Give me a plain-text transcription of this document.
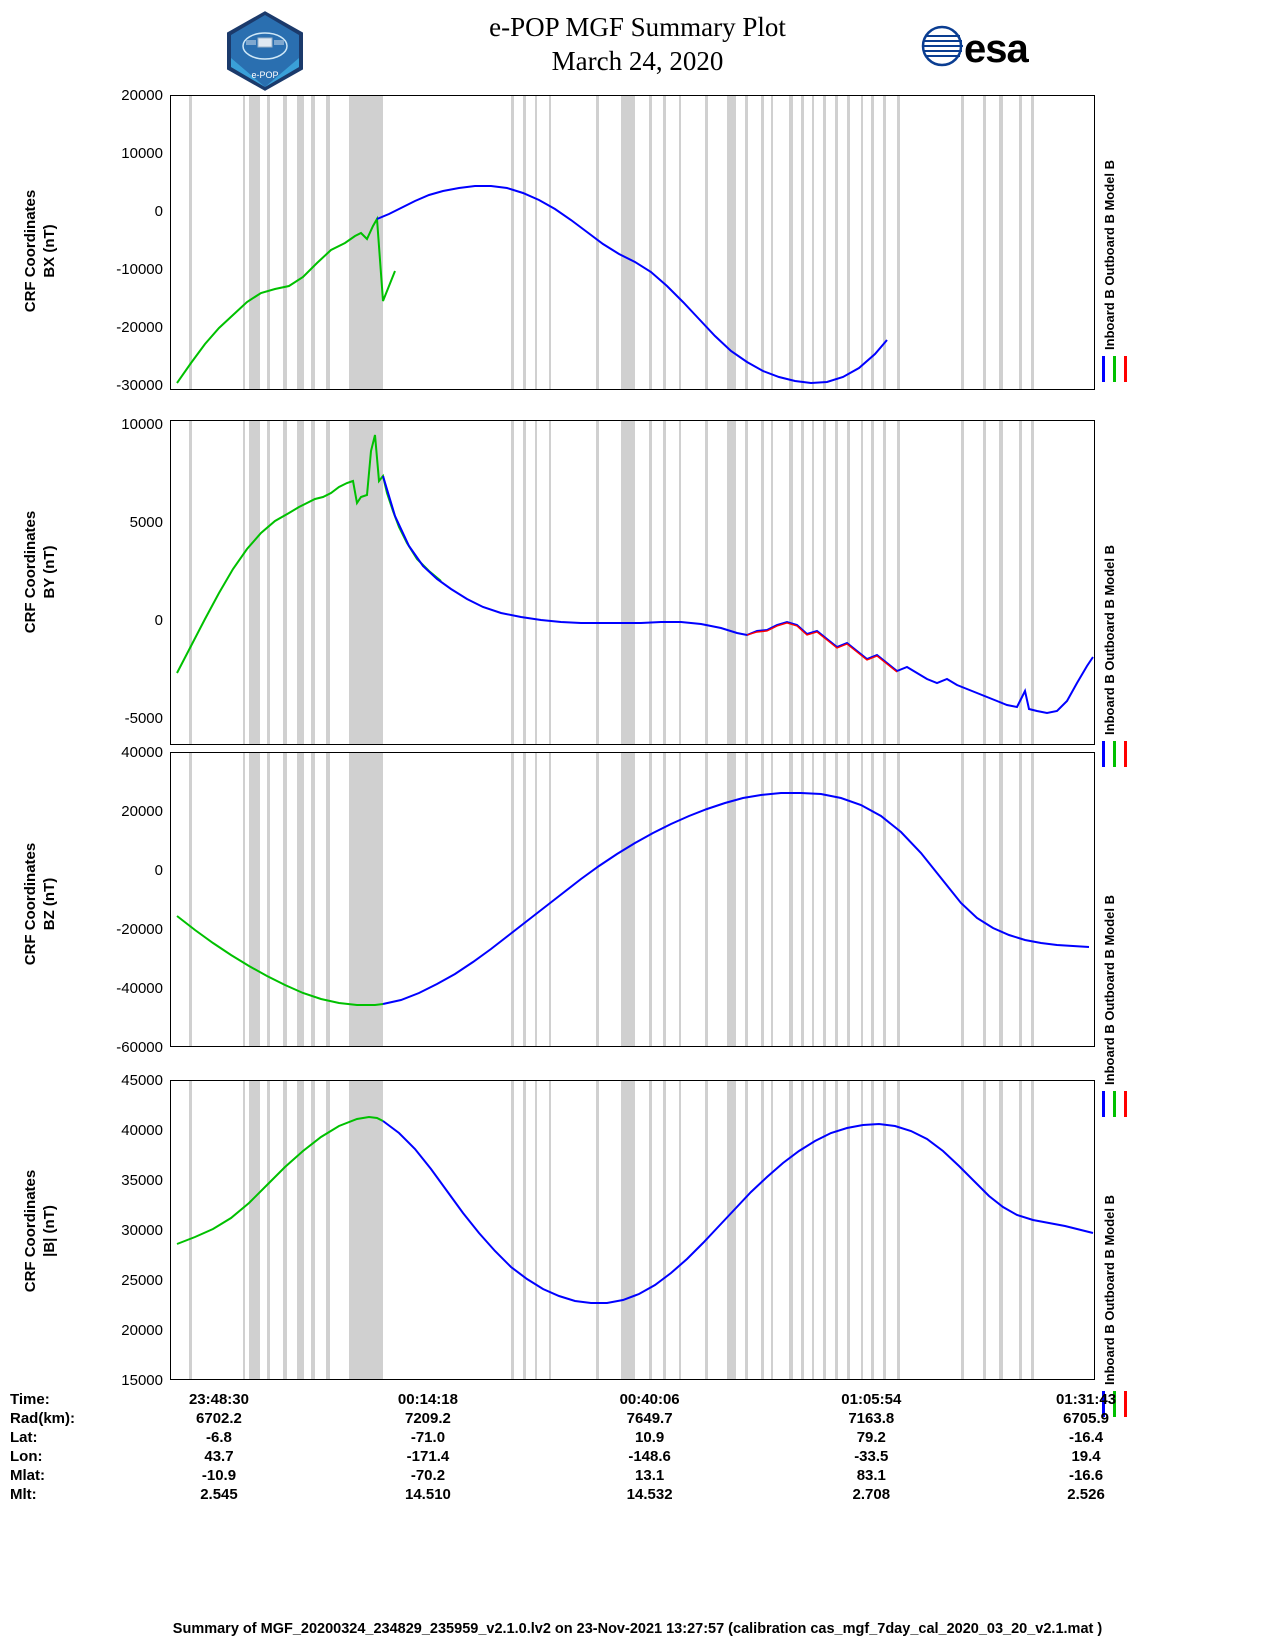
e-POP MGF Summary Plot
March 24, 2020
e-POP
esa
CRF Coordinates BX (nT)
20000
10000
0
-10000
-20000
-30000
Inboard B Outboard B Model B
CRF Coordinates BY (nT)
10000
5000
0
-5000	Inboard B Outboard B Model B
CRF Coordinates BZ (nT)
40000
20000
0
-20000
-40000
-60000	Inboard B Outboard B Model B
CRF Coordinates |B| (nT)
45000
40000
35000
30000
25000
20000
15000	Inboard B Outboard B Model B
Time:	23:48:30	00:14:18	00:40:06	01:05:54	01:31:43
Rad(km):	6702.2	7209.2	7649.7	7163.8	6705.9
Lat:	-6.8	-71.0	10.9	79.2	-16.4
Lon:	43.7	-171.4	-148.6	-33.5	19.4
Mlat:	-10.9	-70.2	13.1	83.1	-16.6
Mlt:	2.545	14.510	14.532	2.708	2.526
Summary of MGF_20200324_234829_235959_v2.1.0.lv2 on 23-Nov-2021 13:27:57 (calibration cas_mgf_7day_cal_2020_03_20_v2.1.mat )
